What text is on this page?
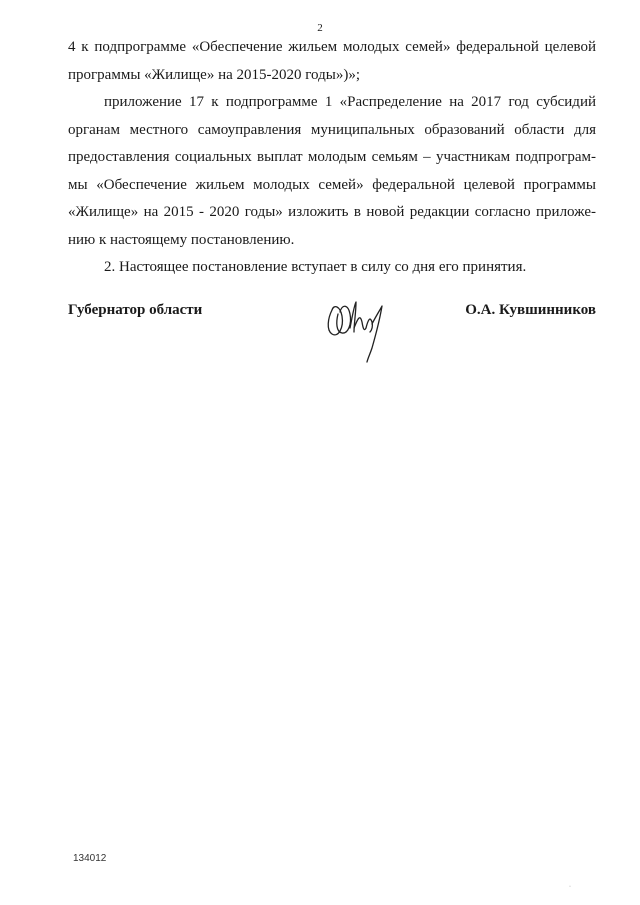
2
4 к подпрограмме «Обеспечение жильем молодых семей» федеральной целевой
программы «Жилище» на 2015-2020 годы»)»;
приложение 17 к подпрограмме 1 «Распределение на 2017 год субсидий
органам местного самоуправления муниципальных образований области для
предоставления социальных выплат молодым семьям – участникам подпрограм-
мы «Обеспечение жильем молодых семей» федеральной целевой программы
«Жилище» на 2015 - 2020 годы» изложить в новой редакции согласно приложе-
нию к настоящему постановлению.
2. Настоящее постановление вступает в силу со дня его принятия.
Губернатор области	О.А. Кувшинников
134012
·
